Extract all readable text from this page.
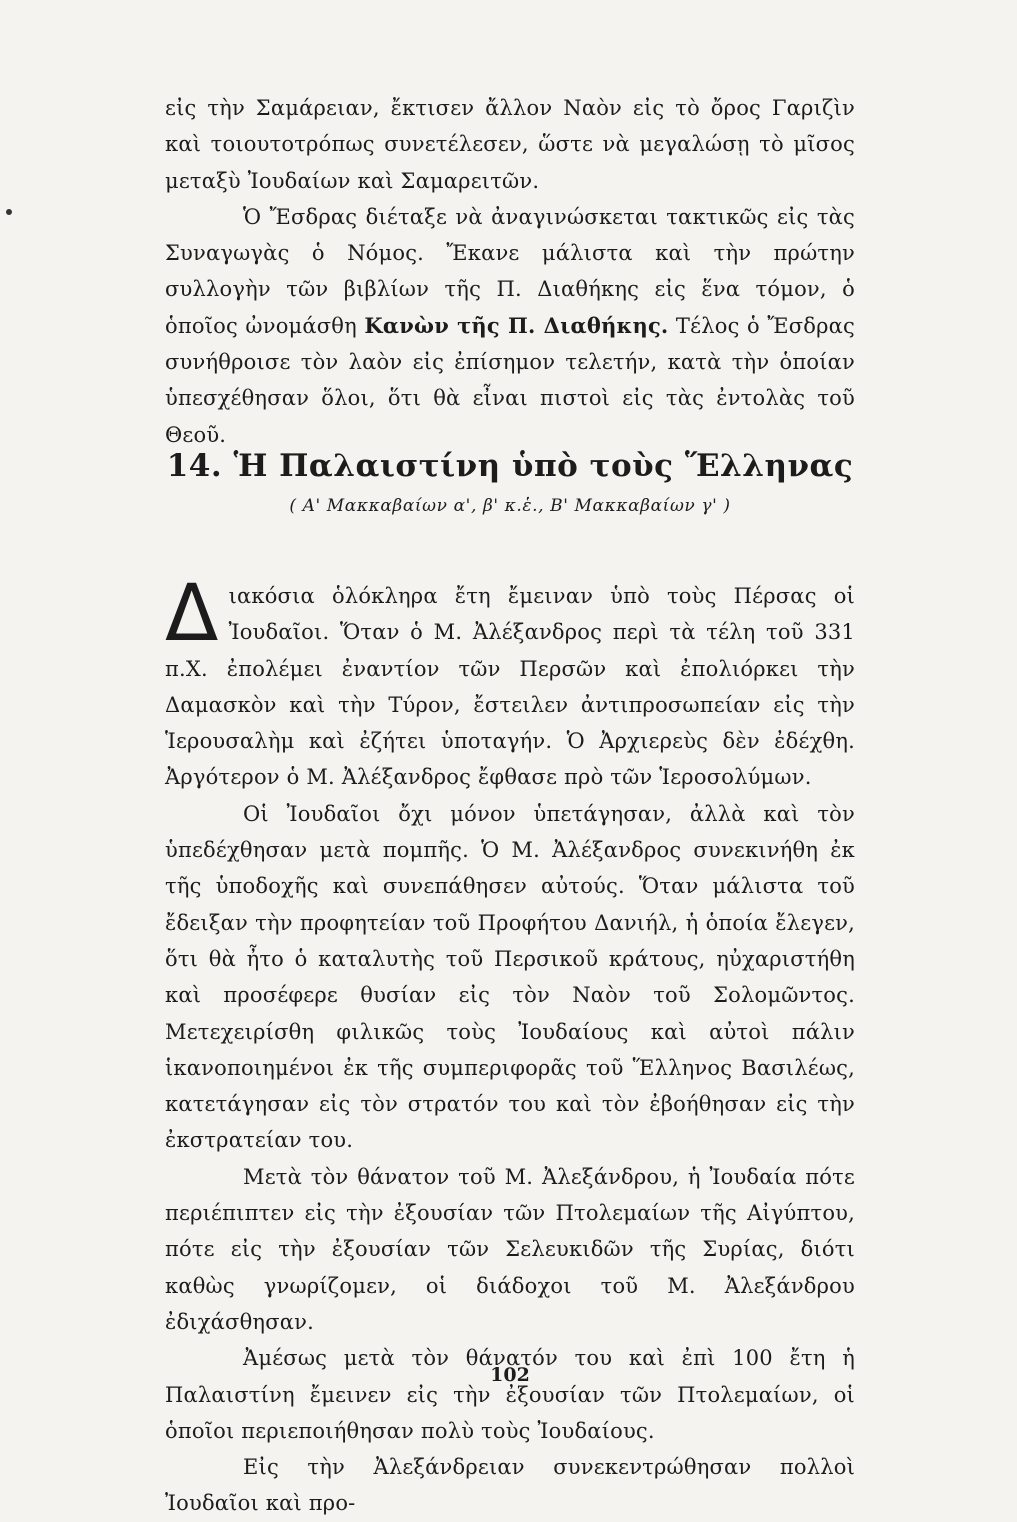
εἰς τὴν Σαμάρειαν, ἔκτισεν ἄλλον Ναὸν εἰς τὸ ὄρος Γαριζὶν καὶ τοιουτοτρόπως συνετέλεσεν, ὥστε νὰ μεγαλώσῃ τὸ μῖσος μεταξὺ Ἰουδαίων καὶ Σαμαρειτῶν.

Ὁ Ἔσδρας διέταξε νὰ ἀναγινώσκεται τακτικῶς εἰς τὰς Συναγωγὰς ὁ Νόμος. Ἔκανε μάλιστα καὶ τὴν πρώτην συλλογὴν τῶν βιβλίων τῆς Π. Διαθήκης εἰς ἕνα τόμον, ὁ ὁποῖος ὠνομάσθη Κανὼν τῆς Π. Διαθήκης. Τέλος ὁ Ἔσδρας συνήθροισε τὸν λαὸν εἰς ἐπίσημον τελετήν, κατὰ τὴν ὁποίαν ὑπεσχέθησαν ὅλοι, ὅτι θὰ εἶναι πιστοὶ εἰς τὰς ἐντολὰς τοῦ Θεοῦ.

14. Ἡ Παλαιστίνη ὑπὸ τοὺς Ἕλληνας
( Α' Μακκαβαίων α', β' κ.ἑ., Β' Μακκαβαίων γ' )

Διακόσια ὁλόκληρα ἔτη ἔμειναν ὑπὸ τοὺς Πέρσας οἱ Ἰουδαῖοι. Ὅταν ὁ Μ. Ἀλέξανδρος περὶ τὰ τέλη τοῦ 331 π.Χ. ἐπολέμει ἐναντίον τῶν Περσῶν καὶ ἐπολιόρκει τὴν Δαμασκὸν καὶ τὴν Τύρον, ἔστειλεν ἀντιπροσωπείαν εἰς τὴν Ἱερουσαλὴμ καὶ ἐζήτει ὑποταγήν. Ὁ Ἀρχιερεὺς δὲν ἐδέχθη. Ἀργότερον ὁ Μ. Ἀλέξανδρος ἔφθασε πρὸ τῶν Ἱεροσολύμων.

Οἱ Ἰουδαῖοι ὄχι μόνον ὑπετάγησαν, ἀλλὰ καὶ τὸν ὑπεδέχθησαν μετὰ πομπῆς. Ὁ Μ. Ἀλέξανδρος συνεκινήθη ἐκ τῆς ὑποδοχῆς καὶ συνεπάθησεν αὐτούς. Ὅταν μάλιστα τοῦ ἔδειξαν τὴν προφητείαν τοῦ Προφήτου Δανιήλ, ἡ ὁποία ἔλεγεν, ὅτι θὰ ἦτο ὁ καταλυτὴς τοῦ Περσικοῦ κράτους, ηὐχαριστήθη καὶ προσέφερε θυσίαν εἰς τὸν Ναὸν τοῦ Σολομῶντος. Μετεχειρίσθη φιλικῶς τοὺς Ἰουδαίους καὶ αὐτοὶ πάλιν ἱκανοποιημένοι ἐκ τῆς συμπεριφορᾶς τοῦ Ἕλληνος Βασιλέως, κατετάγησαν εἰς τὸν στρατόν του καὶ τὸν ἐβοήθησαν εἰς τὴν ἐκστρατείαν του.

Μετὰ τὸν θάνατον τοῦ Μ. Ἀλεξάνδρου, ἡ Ἰουδαία πότε περιέπιπτεν εἰς τὴν ἐξουσίαν τῶν Πτολεμαίων τῆς Αἰγύπτου, πότε εἰς τὴν ἐξουσίαν τῶν Σελευκιδῶν τῆς Συρίας, διότι καθὼς γνωρίζομεν, οἱ διάδοχοι τοῦ Μ. Ἀλεξάνδρου ἐδιχάσθησαν.

Ἀμέσως μετὰ τὸν θάνατόν του καὶ ἐπὶ 100 ἔτη ἡ Παλαιστίνη ἔμεινεν εἰς τὴν ἐξουσίαν τῶν Πτολεμαίων, οἱ ὁποῖοι περιεποιήθησαν πολὺ τοὺς Ἰουδαίους.

Εἰς τὴν Ἀλεξάνδρειαν συνεκεντρώθησαν πολλοὶ Ἰουδαῖοι καὶ προ-

102
